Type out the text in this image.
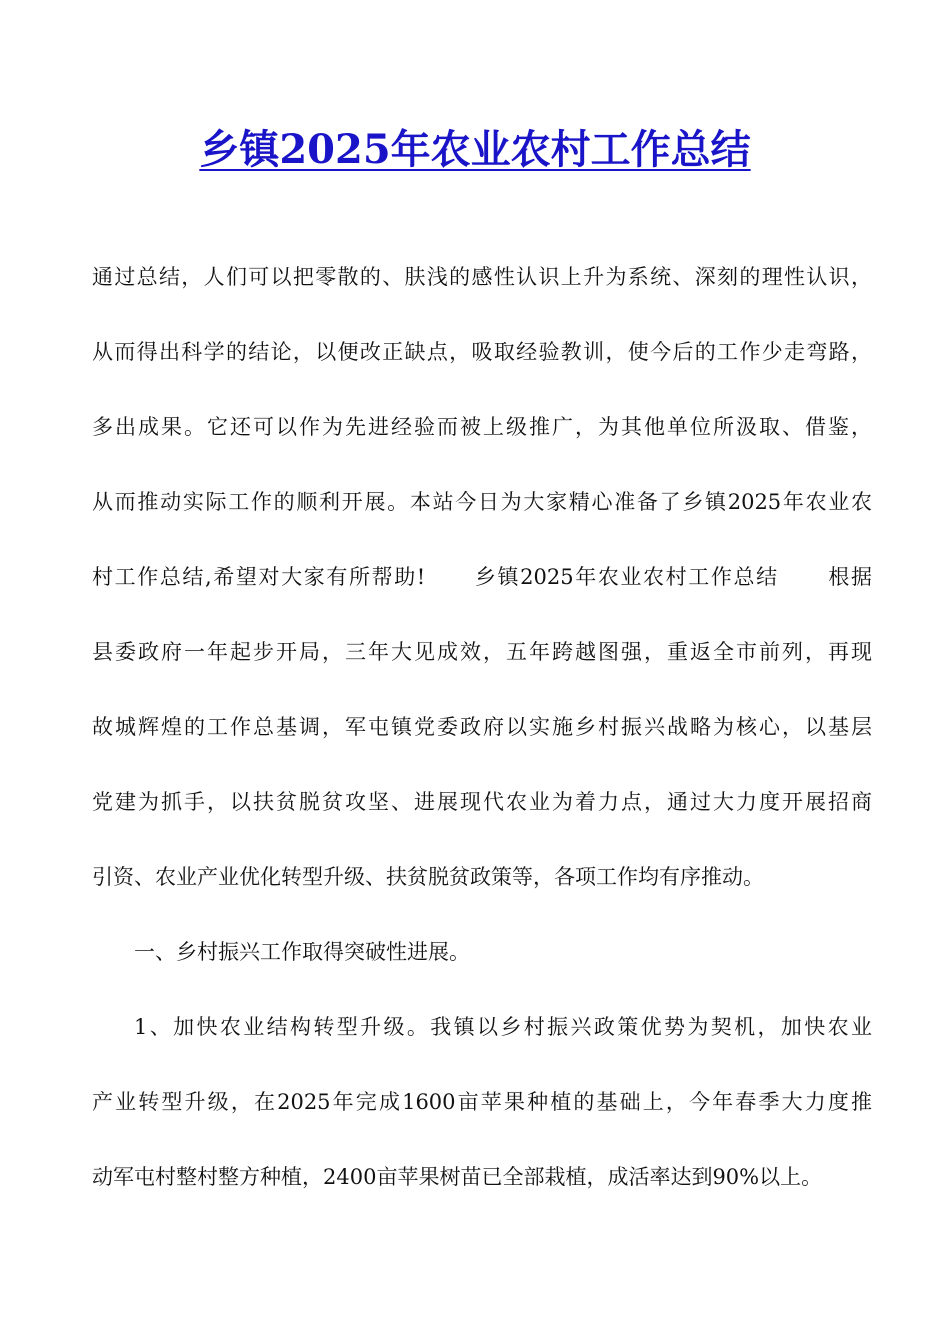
乡镇2025年农业农村工作总结
通过总结，人们可以把零散的、肤浅的感性认识上升为系统、深刻的理性认识，
从而得出科学的结论，以便改正缺点，吸取经验教训，使今后的工作少走弯路，
多出成果。它还可以作为先进经验而被上级推广，为其他单位所汲取、借鉴，
从而推动实际工作的顺利开展。本站今日为大家精心准备了乡镇2025年农业农
村工作总结,希望对大家有所帮助!      乡镇2025年农业农村工作总结      根据
县委政府一年起步开局，三年大见成效，五年跨越图强，重返全市前列，再现
故城辉煌的工作总基调，军屯镇党委政府以实施乡村振兴战略为核心，以基层
党建为抓手，以扶贫脱贫攻坚、进展现代农业为着力点，通过大力度开展招商
引资、农业产业优化转型升级、扶贫脱贫政策等，各项工作均有序推动。
一、乡村振兴工作取得突破性进展。
1、加快农业结构转型升级。我镇以乡村振兴政策优势为契机，加快农业
产业转型升级，在2025年完成1600亩苹果种植的基础上，今年春季大力度推
动军屯村整村整方种植，2400亩苹果树苗已全部栽植，成活率达到90%以上。
